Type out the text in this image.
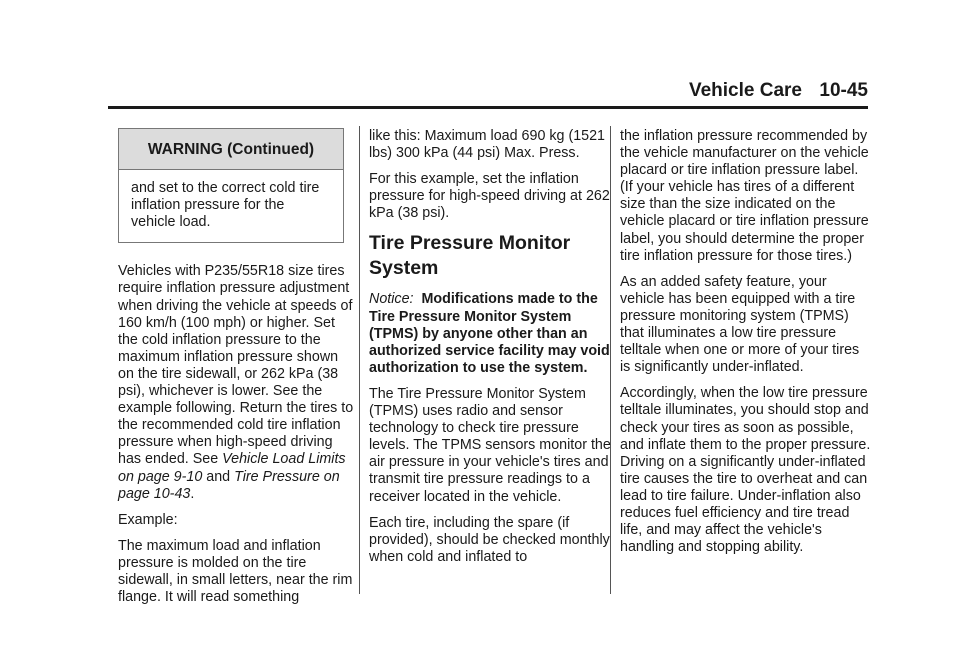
Vehicle Care 10-45
WARNING (Continued)
and set to the correct cold tire inflation pressure for the vehicle load.

Vehicles with P235/55R18 size tires require inflation pressure adjustment when driving the vehicle at speeds of 160 km/h (100 mph) or higher. Set the cold inflation pressure to the maximum inflation pressure shown on the tire sidewall, or 262 kPa (38 psi), whichever is lower. See the example following. Return the tires to the recommended cold tire inflation pressure when high-speed driving has ended. See Vehicle Load Limits on page 9-10 and Tire Pressure on page 10-43.

Example:

The maximum load and inflation pressure is molded on the tire sidewall, in small letters, near the rim flange. It will read something

like this: Maximum load 690 kg (1521 lbs) 300 kPa (44 psi) Max. Press.

For this example, set the inflation pressure for high-speed driving at 262 kPa (38 psi).

Tire Pressure Monitor System

Notice: Modifications made to the Tire Pressure Monitor System (TPMS) by anyone other than an authorized service facility may void authorization to use the system.

The Tire Pressure Monitor System (TPMS) uses radio and sensor technology to check tire pressure levels. The TPMS sensors monitor the air pressure in your vehicle's tires and transmit tire pressure readings to a receiver located in the vehicle.

Each tire, including the spare (if provided), should be checked monthly when cold and inflated to

the inflation pressure recommended by the vehicle manufacturer on the vehicle placard or tire inflation pressure label. (If your vehicle has tires of a different size than the size indicated on the vehicle placard or tire inflation pressure label, you should determine the proper tire inflation pressure for those tires.)

As an added safety feature, your vehicle has been equipped with a tire pressure monitoring system (TPMS) that illuminates a low tire pressure telltale when one or more of your tires is significantly under-inflated.

Accordingly, when the low tire pressure telltale illuminates, you should stop and check your tires as soon as possible, and inflate them to the proper pressure. Driving on a significantly under-inflated tire causes the tire to overheat and can lead to tire failure. Under-inflation also reduces fuel efficiency and tire tread life, and may affect the vehicle's handling and stopping ability.
